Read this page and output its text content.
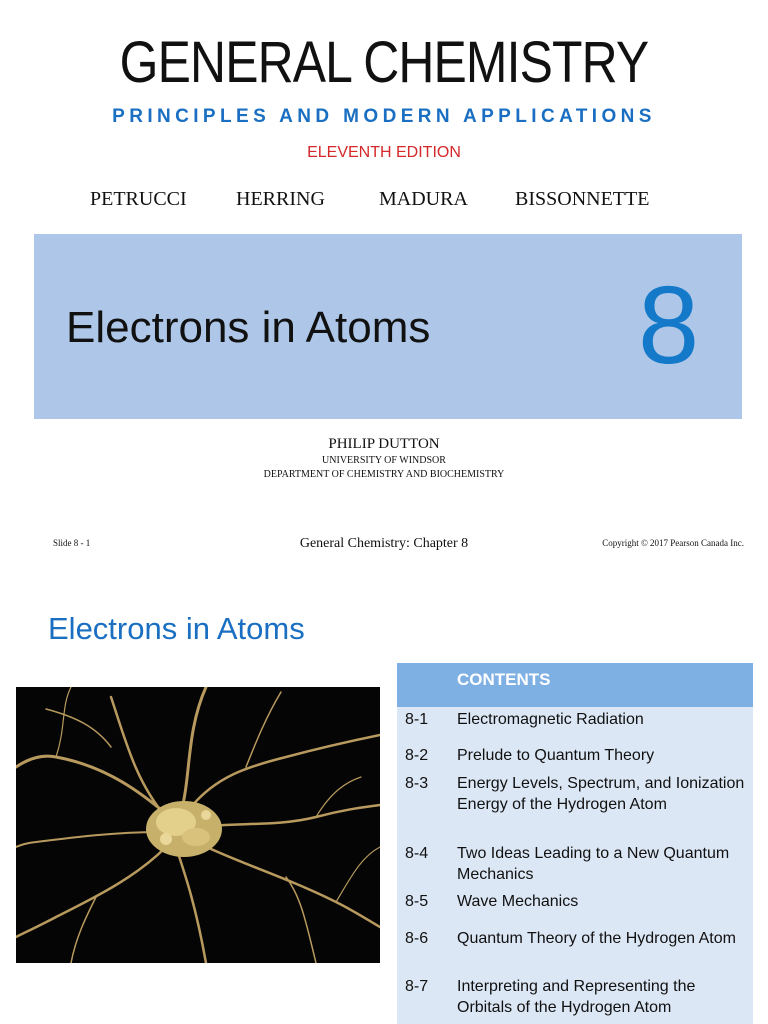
GENERAL CHEMISTRY
PRINCIPLES AND MODERN APPLICATIONS
ELEVENTH EDITION
PETRUCCI HERRING	MADURA BISSONNETTE
Electrons in Atoms 8
PHILIP DUTTON
UNIVERSITY OF WINDSOR
DEPARTMENT OF CHEMISTRY AND BIOCHEMISTRY
Slide 8 - 1	General Chemistry: Chapter 8	Copyright © 2017 Pearson Canada Inc.
Electrons in Atoms
CONTENTS
8-1 Electromagnetic Radiation
8-2 Prelude to Quantum Theory
8-3 Energy Levels, Spectrum, and Ionization Energy of the Hydrogen Atom
8-4 Two Ideas Leading to a New Quantum Mechanics
8-5 Wave Mechanics
8-6 Quantum Theory of the Hydrogen Atom
8-7 Interpreting and Representing the Orbitals of the Hydrogen Atom
